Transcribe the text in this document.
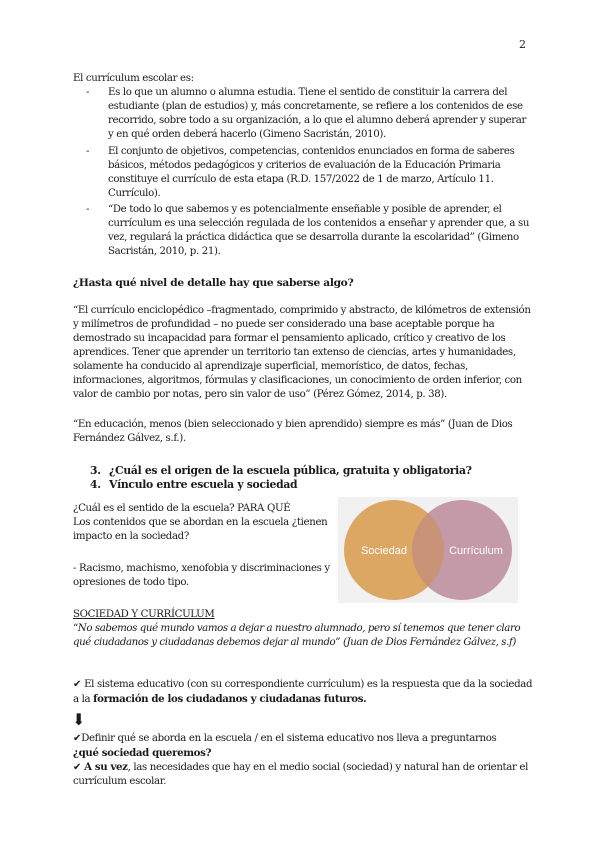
2
El currículum escolar es:
- Es lo que un alumno o alumna estudia. Tiene el sentido de constituir la carrera del estudiante (plan de estudios) y, más concretamente, se refiere a los contenidos de ese recorrido, sobre todo a su organización, a lo que el alumno deberá aprender y superar y en qué orden deberá hacerlo (Gimeno Sacristán, 2010).
- El conjunto de objetivos, competencias, contenidos enunciados en forma de saberes básicos, métodos pedagógicos y criterios de evaluación de la Educación Primaria constituye el currículo de esta etapa (R.D. 157/2022 de 1 de marzo, Artículo 11. Currículo).
- “De todo lo que sabemos y es potencialmente enseñable y posible de aprender, el currículum es una selección regulada de los contenidos a enseñar y aprender que, a su vez, regulará la práctica didáctica que se desarrolla durante la escolaridad” (Gimeno Sacristán, 2010, p. 21).
¿Hasta qué nivel de detalle hay que saberse algo?
“El currículo enciclopédico –fragmentado, comprimido y abstracto, de kilómetros de extensión y milímetros de profundidad – no puede ser considerado una base aceptable porque ha demostrado su incapacidad para formar el pensamiento aplicado, crítico y creativo de los aprendices. Tener que aprender un territorio tan extenso de ciencias, artes y humanidades, solamente ha conducido al aprendizaje superficial, memorístico, de datos, fechas, informaciones, algoritmos, fórmulas y clasificaciones, un conocimiento de orden inferior, con valor de cambio por notas, pero sin valor de uso” (Pérez Gómez, 2014, p. 38).
“En educación, menos (bien seleccionado y bien aprendido) siempre es más” (Juan de Dios Fernández Gálvez, s.f.).
3. ¿Cuál es el origen de la escuela pública, gratuita y obligatoria?
4. Vínculo entre escuela y sociedad
¿Cuál es el sentido de la escuela? PARA QUÉ
Los contenidos que se abordan en la escuela ¿tienen impacto en la sociedad?
- Racismo, machismo, xenofobia y discriminaciones y opresiones de todo tipo.
Sociedad	Currículum
SOCIEDAD Y CURRÍCULUM
“No sabemos qué mundo vamos a dejar a nuestro alumnado, pero sí tenemos que tener claro qué ciudadanos y ciudadanas debemos dejar al mundo” (Juan de Dios Fernández Gálvez, s.f)
✔ El sistema educativo (con su correspondiente currículum) es la respuesta que da la sociedad a la formación de los ciudadanos y ciudadanas futuros.
⬇
✔Definir qué se aborda en la escuela / en el sistema educativo nos lleva a preguntarnos
¿qué sociedad queremos?
✔ A su vez, las necesidades que hay en el medio social (sociedad) y natural han de orientar el currículum escolar.
